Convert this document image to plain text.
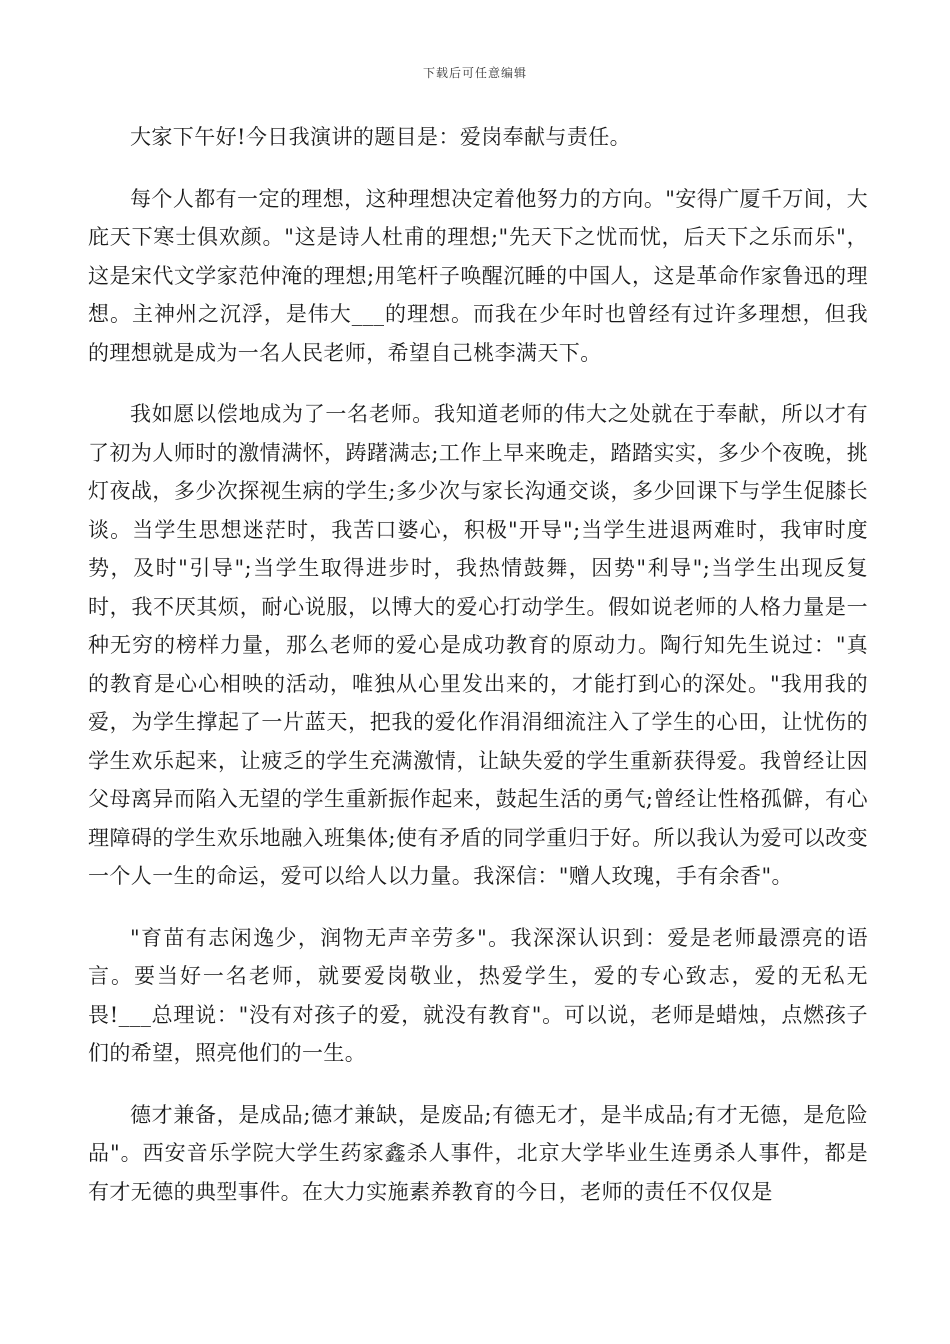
下载后可任意编辑

大家下午好!今日我演讲的题目是：爱岗奉献与责任。

每个人都有一定的理想，这种理想决定着他努力的方向。"安得广厦千万间，大庇天下寒士俱欢颜。"这是诗人杜甫的理想;"先天下之忧而忧，后天下之乐而乐"，这是宋代文学家范仲淹的理想;用笔杆子唤醒沉睡的中国人，这是革命作家鲁迅的理想。主神州之沉浮，是伟大___的理想。而我在少年时也曾经有过许多理想，但我的理想就是成为一名人民老师，希望自己桃李满天下。

我如愿以偿地成为了一名老师。我知道老师的伟大之处就在于奉献，所以才有了初为人师时的激情满怀，踌躇满志;工作上早来晚走，踏踏实实，多少个夜晚，挑灯夜战，多少次探视生病的学生;多少次与家长沟通交谈，多少回课下与学生促膝长谈。当学生思想迷茫时，我苦口婆心，积极"开导";当学生进退两难时，我审时度势，及时"引导";当学生取得进步时，我热情鼓舞，因势"利导";当学生出现反复时，我不厌其烦，耐心说服，以博大的爱心打动学生。假如说老师的人格力量是一种无穷的榜样力量，那么老师的爱心是成功教育的原动力。陶行知先生说过："真的教育是心心相映的活动，唯独从心里发出来的，才能打到心的深处。"我用我的爱，为学生撑起了一片蓝天，把我的爱化作涓涓细流注入了学生的心田，让忧伤的学生欢乐起来，让疲乏的学生充满激情，让缺失爱的学生重新获得爱。我曾经让因父母离异而陷入无望的学生重新振作起来，鼓起生活的勇气;曾经让性格孤僻，有心理障碍的学生欢乐地融入班集体;使有矛盾的同学重归于好。所以我认为爱可以改变一个人一生的命运，爱可以给人以力量。我深信："赠人玫瑰，手有余香"。

"育苗有志闲逸少，润物无声辛劳多"。我深深认识到：爱是老师最漂亮的语言。要当好一名老师，就要爱岗敬业，热爱学生，爱的专心致志，爱的无私无畏!___总理说："没有对孩子的爱，就没有教育"。可以说，老师是蜡烛，点燃孩子们的希望，照亮他们的一生。

德才兼备，是成品;德才兼缺，是废品;有德无才，是半成品;有才无德，是危险品"。西安音乐学院大学生药家鑫杀人事件，北京大学毕业生连勇杀人事件，都是有才无德的典型事件。在大力实施素养教育的今日，老师的责任不仅仅是
